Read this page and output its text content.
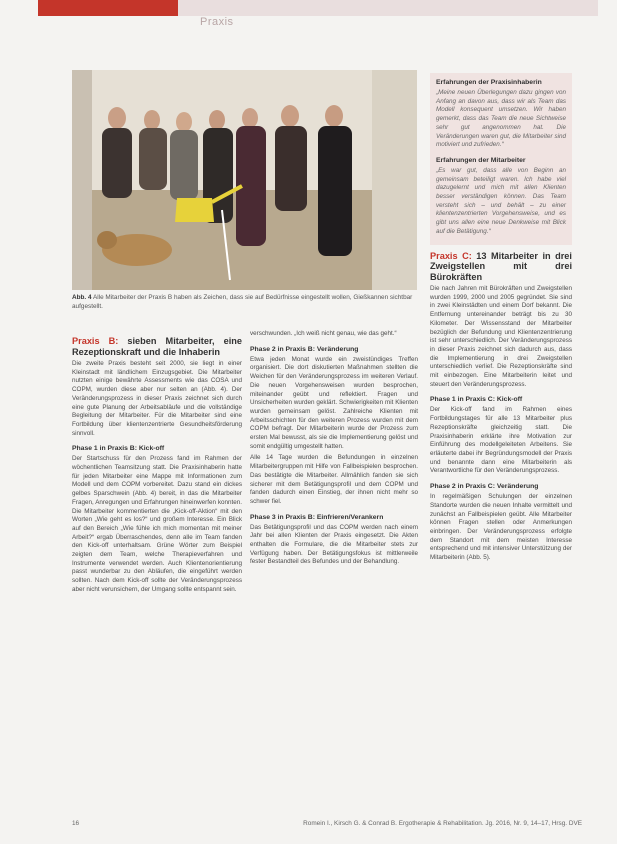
Praxis
Abb. 4 Alle Mitarbeiter der Praxis B haben als Zeichen, dass sie auf Bedürfnisse eingestellt wollen, Gießkannen sichtbar aufgestellt.
Praxis B: sieben Mitarbeiter, eine Rezeptionskraft und die Inhaberin

Die zweite Praxis besteht seit 2000, sie liegt in einer Kleinstadt mit ländlichem Einzugsgebiet. Die Mitarbeiter nutzten einige bewährte Assessments wie das COSA und COPM, wurden diese aber nur selten an (Abb. 4). Der Veränderungsprozess in dieser Praxis zeichnet sich durch eine gute Planung der Arbeitsabläufe und die vollständige Begleitung der Mitarbeiter. Für die Mitarbeiter sind eine Fortbildung über klientenzentrierte Gesundheitsförderung sinnvoll.

Phase 1 in Praxis B: Kick-off

Der Startschuss für den Prozess fand im Rahmen der wöchentlichen Teamsitzung statt. Die Praxisinhaberin hatte für jeden Mitarbeiter eine Mappe mit Informationen zum Modell und dem COPM vorbereitet. Dazu stand ein dickes gelbes Sparschwein (Abb. 4) bereit, in das die Mitarbeiter Fragen, Anregungen und Erfahrungen hineinwerfen konnten. Die Mitarbeiter kommentierten die „Kick-off-Aktion“ mit den Worten „Wie geht es los?“ und großem Interesse. Ein Blick auf den Bereich „Wie fühle ich mich momentan mit meiner Arbeit?“ ergab Überraschendes, denn alle im Team fanden den Kick-off unterhaltsam. Grüne Wörter zum Beispiel zeigten dem Team, welche Therapieverfahren und Instrumente verwendet werden. Auch Klientenorientierung passt wunderbar zu den Abläufen, die eingeführt werden sollten. Nach dem Kick-off sollte der Veränderungsprozess aber nicht verunsichern, der Umgang sollte entspannt sein.

verschwunden. „Ich weiß nicht genau, wie das geht.“

Phase 2 in Praxis B: Veränderung

Etwa jeden Monat wurde ein zweistündiges Treffen organisiert. Die dort diskutierten Maßnahmen stellten die Weichen für den Veränderungsprozess im weiteren Verlauf. Die neuen Vorgehensweisen wurden besprochen, miteinander geübt und reflektiert. Fragen und Unsicherheiten wurden geklärt. Schwierigkeiten mit Klienten wurden gemeinsam gelöst. Zahlreiche Klienten mit Arbeitsschichten für den weiteren Prozess wurden mit dem COPM befragt. Der Mitarbeiterin wurde der Prozess zum ersten Mal bewusst, als sie die Implementierung gelöst und somit endgültig umgestellt hatten.

Alle 14 Tage wurden die Befundungen in einzelnen Mitarbeitergruppen mit Hilfe von Fallbeispielen besprochen. Das bestätigte die Mitarbeiter. Allmählich fanden sie sich sicherer mit dem Betätigungsprofil und dem COPM und fanden dadurch einen Einstieg, der ihnen nicht mehr so schwer fiel.

Phase 3 in Praxis B: Einfrieren/Verankern

Das Betätigungsprofil und das COPM werden nach einem Jahr bei allen Klienten der Praxis eingesetzt. Die Akten enthalten die Formulare, die die Mitarbeiter stets zur Verfügung haben. Der Betätigungsfokus ist mittlerweile fester Bestandteil des Befundes und der Behandlung.

Erfahrungen der Praxisinhaberin

„Meine neuen Überlegungen dazu gingen von Anfang an davon aus, dass wir als Team das Modell konsequent umsetzen. Wir haben gemerkt, dass das Team die neue Sichtweise sehr gut angenommen hat. Die Veränderungen waren gut, die Mitarbeiter sind motiviert und zufrieden.“

Erfahrungen der Mitarbeiter

„Es war gut, dass alle von Beginn an gemeinsam beteiligt waren. Ich habe viel dazugelernt und mich mit allen Klienten besser verständigen können. Das Team versteht sich – und behält – zu einer klientenzentrierten Vorgehensweise, und es gibt uns allen eine neue Denkweise mit Blick auf die Betätigung.“

Praxis C: 13 Mitarbeiter in drei Zweigstellen mit drei Bürokräften

Die nach Jahren mit Bürokräften und Zweigstellen wurden 1999, 2000 und 2005 gegründet. Sie sind in zwei Kleinstädten und einem Dorf bekannt. Die Entfernung untereinander beträgt bis zu 30 Kilometer. Der Wissensstand der Mitarbeiter bezüglich der Befundung und Klientenzentrierung ist sehr unterschiedlich. Der Veränderungsprozess in dieser Praxis zeichnet sich dadurch aus, dass die Implementierung in drei Zweigstellen unterschiedlich verlief. Die Rezeptionskräfte sind mit einbezogen. Eine Mitarbeiterin leitet und steuert den Veränderungsprozess.

Phase 1 in Praxis C: Kick-off

Der Kick-off fand im Rahmen eines Fortbildungstages für alle 13 Mitarbeiter plus Rezeptionskräfte gleichzeitig statt. Die Praxisinhaberin erklärte ihre Motivation zur Einführung des modellgeleiteten Arbeitens. Sie erläuterte dabei ihr Begründungsmodell der Praxis und benannte dann eine Mitarbeiterin als Verantwortliche für den Veränderungsprozess.

Phase 2 in Praxis C: Veränderung

In regelmäßigen Schulungen der einzelnen Standorte wurden die neuen Inhalte vermittelt und zunächst an Fallbeispielen geübt. Alle Mitarbeiter können Fragen stellen oder Anmerkungen einbringen. Der Veränderungsprozess erfolgte dem Standort mit dem meisten Interesse entsprechend und mit intensiver Unterstützung der Mitarbeiterin (Abb. 5).

16	Romein I., Kirsch G. & Conrad B. Ergotherapie & Rehabilitation. Jg. 2016, Nr. 9, 14–17, Hrsg. DVE
